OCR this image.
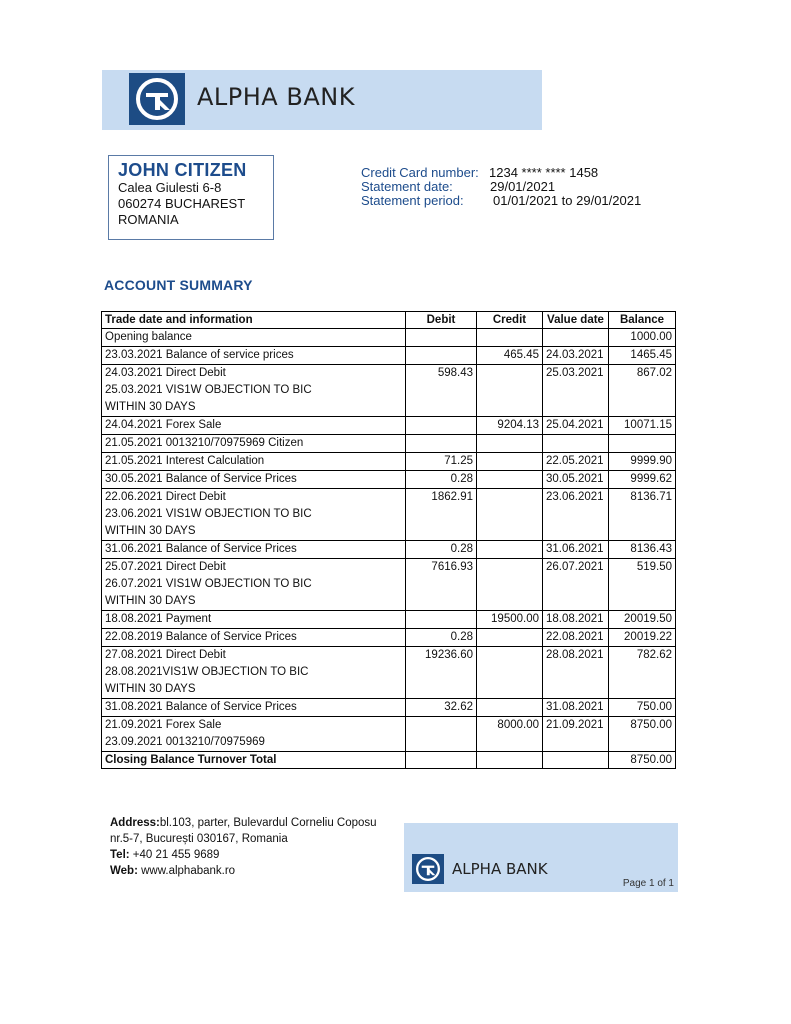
ALPHA BANK
JOHN CITIZEN
Calea Giulesti 6-8
060274 BUCHAREST
ROMANIA
Credit Card number: 1234 **** **** 1458
Statement date:	29/01/2021
Statement period: 01/01/2021 to 29/01/2021
ACCOUNT SUMMARY
Trade date and information	Debit	Credit	Value date	Balance

Opening balance				1000.00

23.03.2021 Balance of service prices		465.45	24.03.2021	1465.45

24.03.2021 Direct Debit
25.03.2021 VIS1W OBJECTION TO BIC
WITHIN 30 DAYS	598.43		25.03.2021	867.02

24.04.2021 Forex Sale		9204.13	25.04.2021	10071.15

21.05.2021 0013210/70975969 Citizen				

21.05.2021 Interest Calculation	71.25		22.05.2021	9999.90

30.05.2021 Balance of Service Prices	0.28		30.05.2021	9999.62

22.06.2021 Direct Debit
23.06.2021 VIS1W OBJECTION TO BIC
WITHIN 30 DAYS	1862.91		23.06.2021	8136.71

31.06.2021 Balance of Service Prices	0.28		31.06.2021	8136.43

25.07.2021 Direct Debit
26.07.2021 VIS1W OBJECTION TO BIC
WITHIN 30 DAYS	7616.93		26.07.2021	519.50

18.08.2021 Payment		19500.00	18.08.2021	20019.50

22.08.2019 Balance of Service Prices	0.28		22.08.2021	20019.22

27.08.2021 Direct Debit
28.08.2021VIS1W OBJECTION TO BIC
WITHIN 30 DAYS	19236.60		28.08.2021	782.62

31.08.2021 Balance of Service Prices	32.62		31.08.2021	750.00

21.09.2021 Forex Sale
23.09.2021 0013210/70975969		8000.00	21.09.2021	8750.00
Closing Balance Turnover Total				8750.00
Address:bl.103, parter, Bulevardul Corneliu Coposu
nr.5-7, București 030167, Romania
Tel: +40 21 455 9689
Web: www.alphabank.ro	ALPHA BANK
Page 1 of 1
